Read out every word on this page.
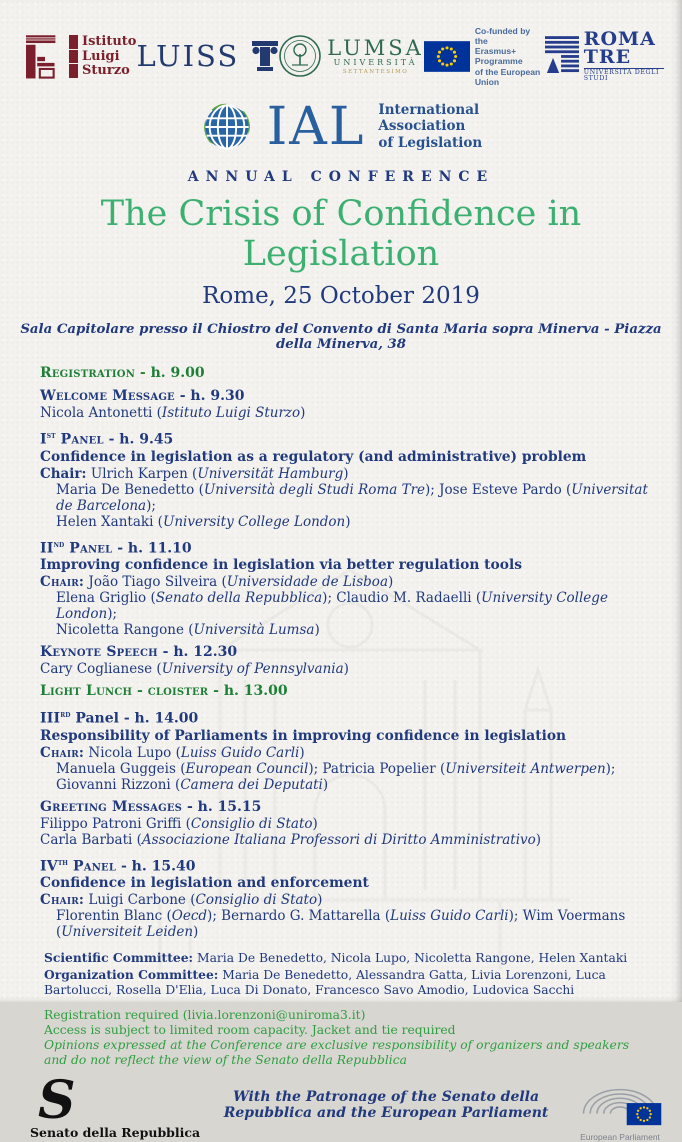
Istituto
Luigi
Sturzo LUISS	LUMSA
UNIVERSITÀ
SETTANTESIMO
Co-funded by the
Erasmus+ Programme
of the European Union
ROMA
TRE
UNIVERSITÀ DEGLI STUDI
IAL International
Association
of Legislation
ANNUAL CONFERENCE
The Crisis of Confidence in Legislation
Rome, 25 October 2019
Sala Capitolare presso il Chiostro del Convento di Santa Maria sopra Minerva - Piazza della Minerva, 38
Registration - h. 9.00
Welcome Message - h. 9.30
Nicola Antonetti (Istituto Luigi Sturzo)
Ist Panel - h. 9.45
Confidence in legislation as a regulatory (and administrative) problem
Chair: Ulrich Karpen (Universität Hamburg)
Maria De Benedetto (Università degli Studi Roma Tre); Jose Esteve Pardo (Universitat de Barcelona);
Helen Xantaki (University College London)
IInd Panel - h. 11.10
Improving confidence in legislation via better regulation tools
Chair: João Tiago Silveira (Universidade de Lisboa)
Elena Griglio (Senato della Repubblica); Claudio M. Radaelli (University College London);
Nicoletta Rangone (Università Lumsa)
Keynote Speech - h. 12.30
Cary Coglianese (University of Pennsylvania)
Light Lunch - cloister - h. 13.00
IIIrd Panel - h. 14.00
Responsibility of Parliaments in improving confidence in legislation
Chair: Nicola Lupo (Luiss Guido Carli)
Manuela Guggeis (European Council); Patricia Popelier (Universiteit Antwerpen);
Giovanni Rizzoni (Camera dei Deputati)
Greeting Messages - h. 15.15
Filippo Patroni Griffi (Consiglio di Stato)
Carla Barbati (Associazione Italiana Professori di Diritto Amministrativo)
IVth Panel - h. 15.40
Confidence in legislation and enforcement
Chair: Luigi Carbone (Consiglio di Stato)
Florentin Blanc (Oecd); Bernardo G. Mattarella (Luiss Guido Carli); Wim Voermans (Universiteit Leiden)
Scientific Committee: Maria De Benedetto, Nicola Lupo, Nicoletta Rangone, Helen Xantaki
Organization Committee: Maria De Benedetto, Alessandra Gatta, Livia Lorenzoni, Luca Bartolucci, Rosella D'Elia, Luca Di Donato, Francesco Savo Amodio, Ludovica Sacchi
Registration required (livia.lorenzoni@uniroma3.it)
Access is subject to limited room capacity. Jacket and tie required
Opinions expressed at the Conference are exclusive responsibility of organizers and speakers and do not reflect the view of the Senato della Repubblica
S
Senato della Repubblica
With the Patronage of the Senato della Repubblica and the European Parliament
European Parliament
